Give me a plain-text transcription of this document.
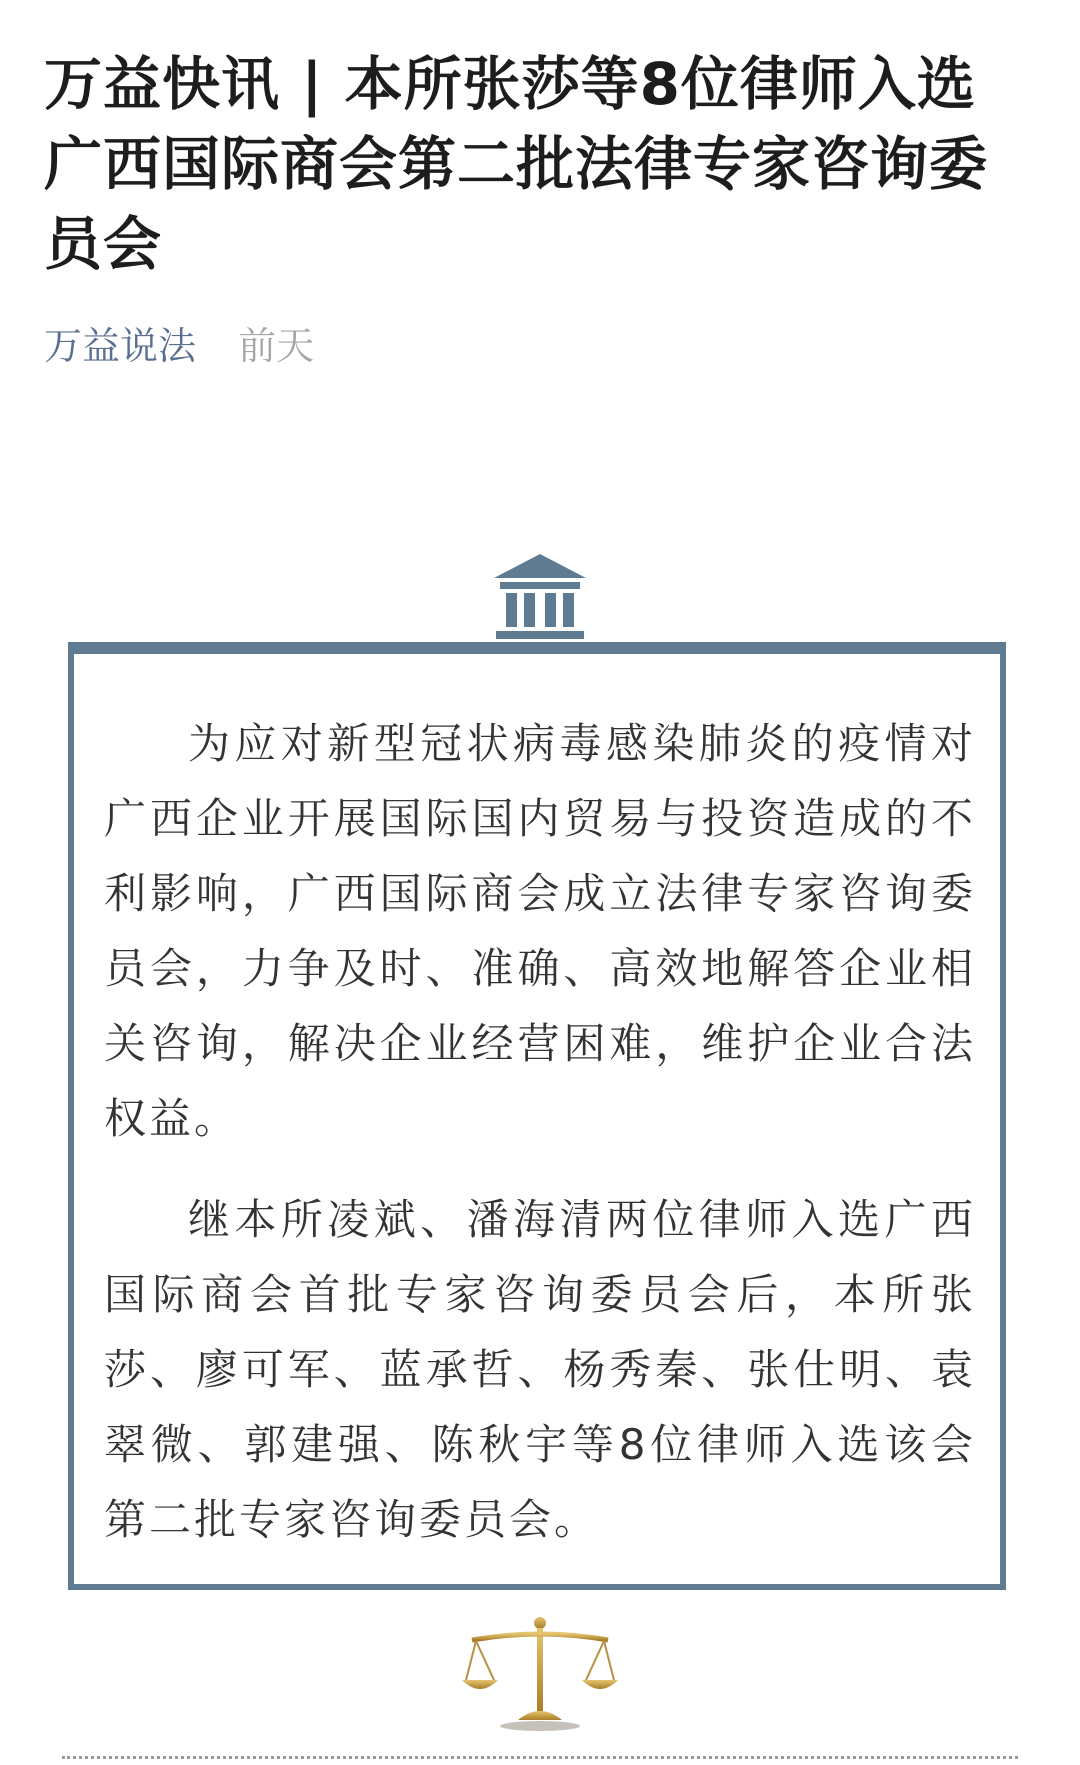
万益快讯 | 本所张莎等8位律师入选广西国际商会第二批法律专家咨询委员会
万益说法 前天

为应对新型冠状病毒感染肺炎的疫情对广西企业开展国际国内贸易与投资造成的不利影响，广西国际商会成立法律专家咨询委员会，力争及时、准确、高效地解答企业相关咨询，解决企业经营困难，维护企业合法权益。

继本所凌斌、潘海清两位律师入选广西国际商会首批专家咨询委员会后，本所张莎、廖可军、蓝承哲、杨秀秦、张仕明、袁翠微、郭建强、陈秋宇等8位律师入选该会第二批专家咨询委员会。
